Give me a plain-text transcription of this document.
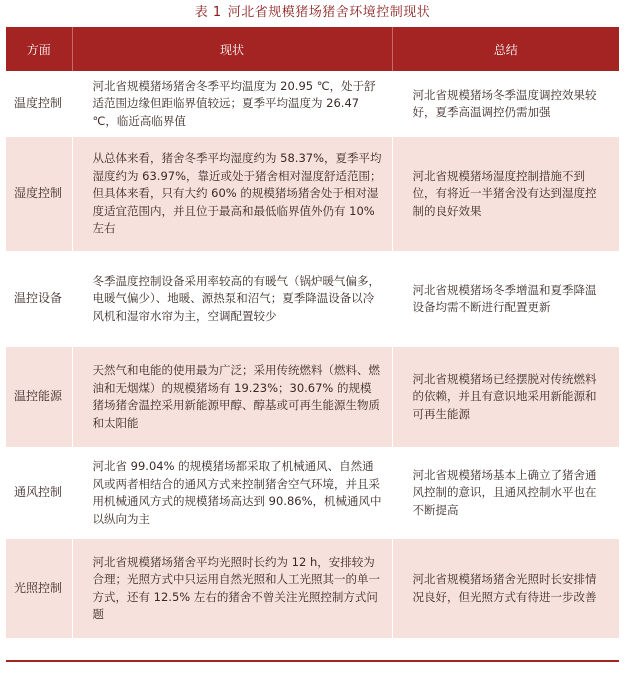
表 1 河北省规模猪场猪舍环境控制现状
方面	现状	总结
温度控制	河北省规模猪场猪舍冬季平均温度为 20.95 ℃，处于舒适范围边缘但距临界值较远；夏季平均温度为 26.47 ℃，临近高临界值	河北省规模猪场冬季温度调控效果较好，夏季高温调控仍需加强
湿度控制	从总体来看，猪舍冬季平均湿度约为 58.37%，夏季平均湿度约为 63.97%，靠近或处于猪舍相对湿度舒适范围；但具体来看，只有大约 60% 的规模猪场猪舍处于相对湿度适宜范围内，并且位于最高和最低临界值外仍有 10% 左右	河北省规模猪场湿度控制措施不到位，有将近一半猪舍没有达到湿度控制的良好效果
温控设备	冬季温度控制设备采用率较高的有暖气（锅炉暖气偏多，电暖气偏少）、地暖、源热泵和沼气；夏季降温设备以冷风机和湿帘水帘为主，空调配置较少	河北省规模猪场冬季增温和夏季降温设备均需不断进行配置更新
温控能源	天然气和电能的使用最为广泛；采用传统燃料（燃料、燃油和无烟煤）的规模猪场有 19.23%；30.67% 的规模猪场猪舍温控采用新能源甲醇、醇基或可再生能源生物质和太阳能	河北省规模猪场已经摆脱对传统燃料的依赖，并且有意识地采用新能源和可再生能源
通风控制	河北省 99.04% 的规模猪场都采取了机械通风、自然通风或两者相结合的通风方式来控制猪舍空气环境，并且采用机械通风方式的规模猪场高达到 90.86%，机械通风中以纵向为主	河北省规模猪场基本上确立了猪舍通风控制的意识，且通风控制水平也在不断提高
光照控制	河北省规模猪场猪舍平均光照时长约为 12 h，安排较为合理；光照方式中只运用自然光照和人工光照其一的单一方式，还有 12.5% 左右的猪舍不曾关注光照控制方式问题	河北省规模猪场猪舍光照时长安排情况良好，但光照方式有待进一步改善
